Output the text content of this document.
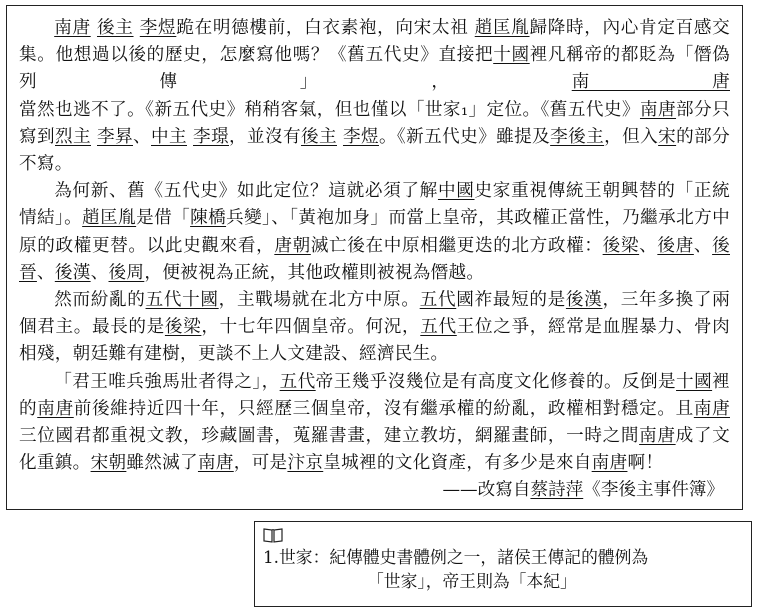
南唐 後主 李煜跪在明德樓前，白衣素袍，向宋太祖 趙匡胤歸降時，內心肯定百感交集。他想過以後的歷史，怎麼寫他嗎？《舊五代史》直接把十國裡凡稱帝的都貶為「僭偽列傳」，南唐當然也逃不了。《新五代史》稍稍客氣，但也僅以「世家₁」定位。《舊五代史》南唐部分只寫到烈主 李昪、中主 李璟，並沒有後主 李煜。《新五代史》雖提及李後主，但入宋的部分不寫。

為何新、舊《五代史》如此定位？這就必須了解中國史家重視傳統王朝興替的「正統情結」。趙匡胤是借「陳橋兵變」、「黃袍加身」而當上皇帝，其政權正當性，乃繼承北方中原的政權更替。以此史觀來看，唐朝滅亡後在中原相繼更迭的北方政權：後梁、後唐、後晉、後漢、後周，便被視為正統，其他政權則被視為僭越。

然而紛亂的五代十國，主戰場就在北方中原。五代國祚最短的是後漢，三年多換了兩個君主。最長的是後梁，十七年四個皇帝。何況，五代王位之爭，經常是血腥暴力、骨肉相殘，朝廷難有建樹，更談不上人文建設、經濟民生。

「君王唯兵強馬壯者得之」，五代帝王幾乎沒幾位是有高度文化修養的。反倒是十國裡的南唐前後維持近四十年，只經歷三個皇帝，沒有繼承權的紛亂，政權相對穩定。且南唐三位國君都重視文教，珍藏圖書，蒐羅書畫，建立教坊，網羅畫師，一時之間南唐成了文化重鎮。宋朝雖然滅了南唐，可是汴京皇城裡的文化資產，有多少是來自南唐啊！

——改寫自蔡詩萍《李後主事件簿》
1.世家：紀傳體史書體例之一，諸侯王傳記的體例為
「世家」，帝王則為「本紀」
